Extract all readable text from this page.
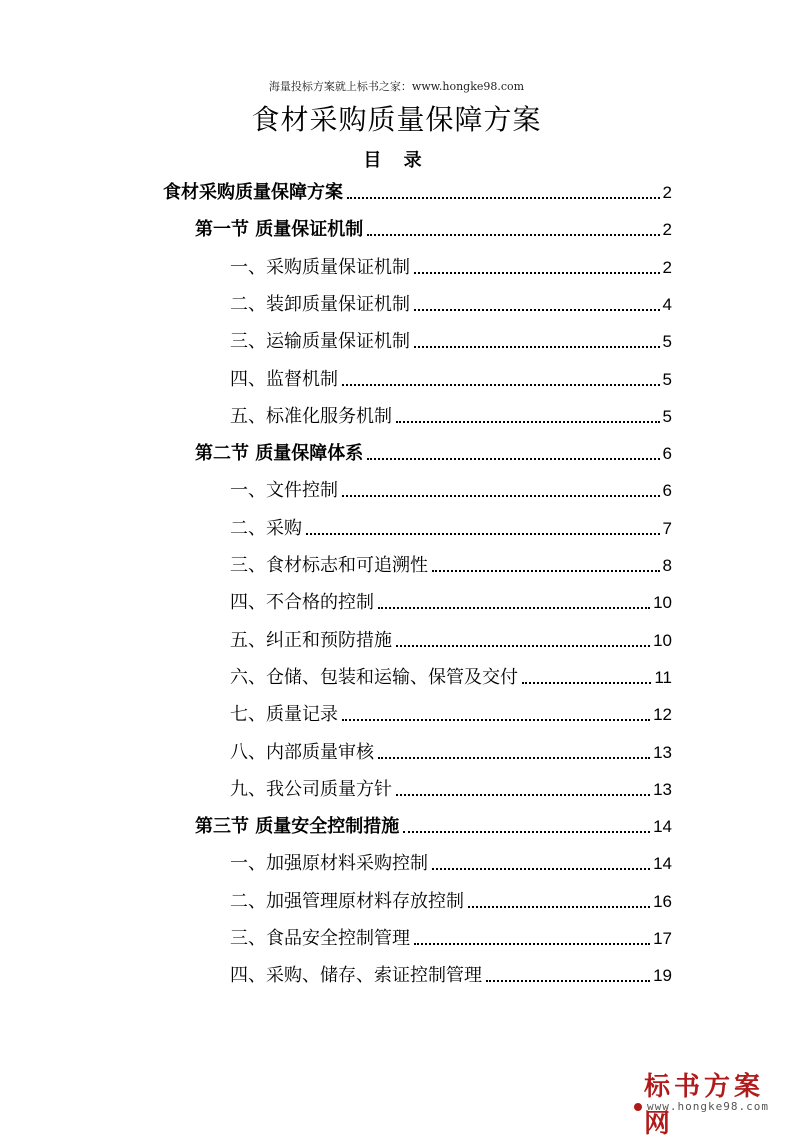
海量投标方案就上标书之家：www.hongke98.com
食材采购质量保障方案
目 录
食材采购质量保障方案	2
第一节 质量保证机制	2
一、采购质量保证机制	2
二、装卸质量保证机制	4
三、运输质量保证机制	5
四、监督机制	5
五、标准化服务机制	5
第二节 质量保障体系	6
一、文件控制	6
二、采购	7
三、食材标志和可追溯性	8
四、不合格的控制	10
五、纠正和预防措施	10
六、仓储、包装和运输、保管及交付	11
七、质量记录	12
八、内部质量审核	13
九、我公司质量方针	13
第三节 质量安全控制措施	14
一、加强原材料采购控制	14
二、加强管理原材料存放控制	16
三、食品安全控制管理	17
四、采购、储存、索证控制管理	19
标书方案网
www.hongke98.com
